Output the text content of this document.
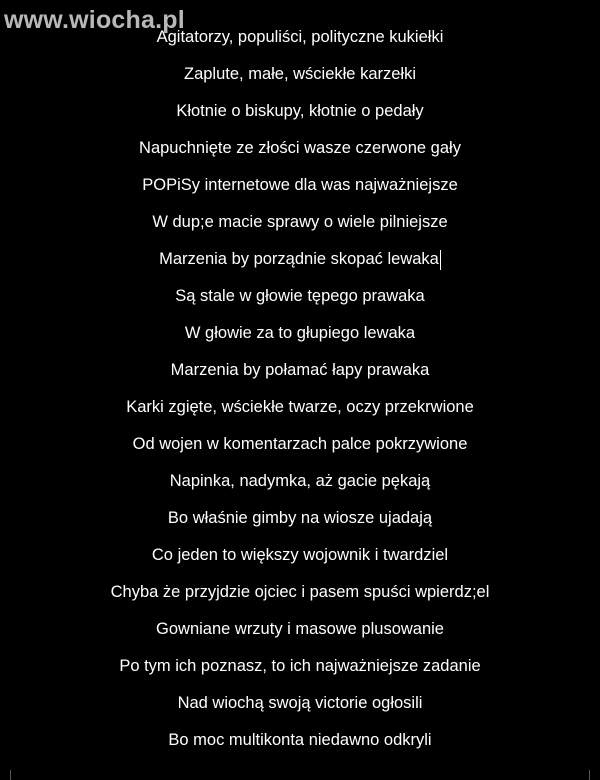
www.wiocha.pl
Agitatorzy, populiści, polityczne kukiełki
Zaplute, małe, wściekłe karzełki
Kłotnie o biskupy, kłotnie o pedały
Napuchnięte ze złości wasze czerwone gały
POPiSy internetowe dla was najważniejsze
W dup;e macie sprawy o wiele pilniejsze
Marzenia by porządnie skopać lewaka
Są stale w głowie tępego prawaka
W głowie za to głupiego lewaka
Marzenia by połamać łapy prawaka
Karki zgięte, wściekłe twarze, oczy przekrwione
Od wojen w komentarzach palce pokrzywione
Napinka, nadymka, aż gacie pękają
Bo właśnie gimby na wiosze ujadają
Co jeden to większy wojownik i twardziel
Chyba że przyjdzie ojciec i pasem spuści wpierdz;el
Gowniane wrzuty i masowe plusowanie
Po tym ich poznasz, to ich najważniejsze zadanie
Nad wiochą swoją victorie ogłosili
Bo moc multikonta niedawno odkryli
